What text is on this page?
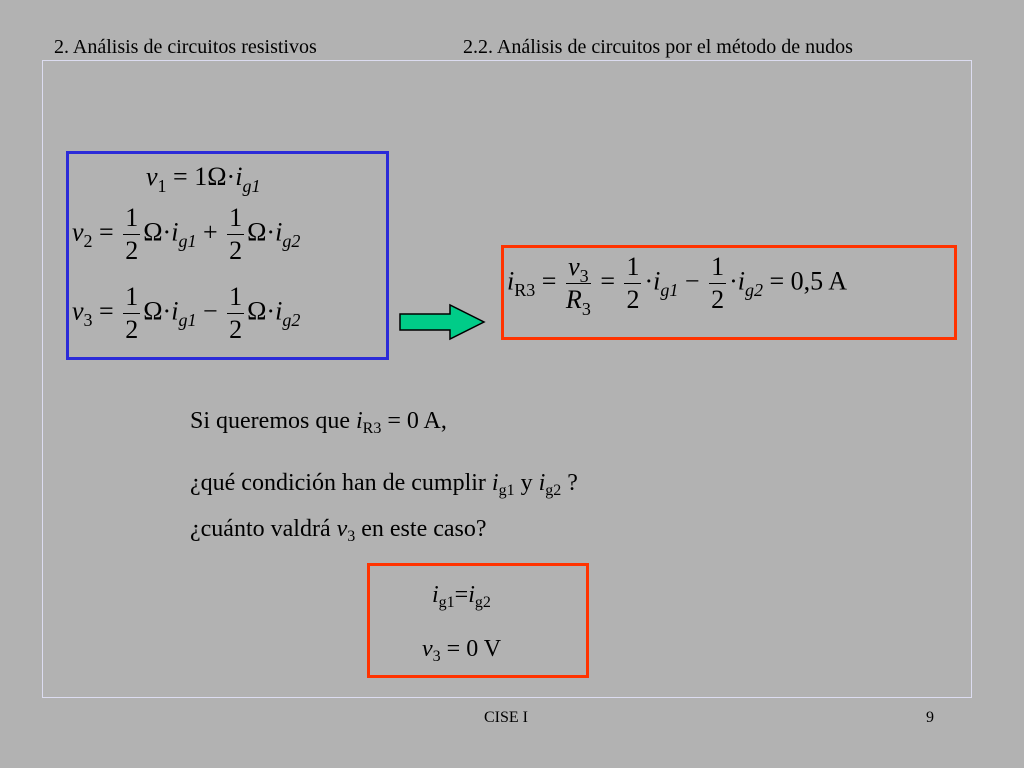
2. Análisis de circuitos resistivos	2.2. Análisis de circuitos por el método de nudos
$v_1 = 1\Omega\cdot i_{g1}$
$v_2 = \frac{1}{2} \Omega\cdot i_{g1} + \frac{1}{2} \Omega\cdot i_{g2}$
$v_3 = \frac{1}{2} \Omega\cdot i_{g1} - \frac{1}{2} \Omega\cdot i_{g2}$
$i_{R3} = \frac{v_3}{R_3} = \frac{1}{2} \cdot i_{g1} - \frac{1}{2} \cdot i_{g2} = 0,5$ A
Si queremos que $i_{R3} = 0$ A,
¿qué condición han de cumplir $i_{g1}$ y $i_{g2}$ ?
¿cuánto valdrá $v_3$ en este caso?
$i_{g1}=i_{g2}$
$v_3 = 0$ V
CISE I	9
